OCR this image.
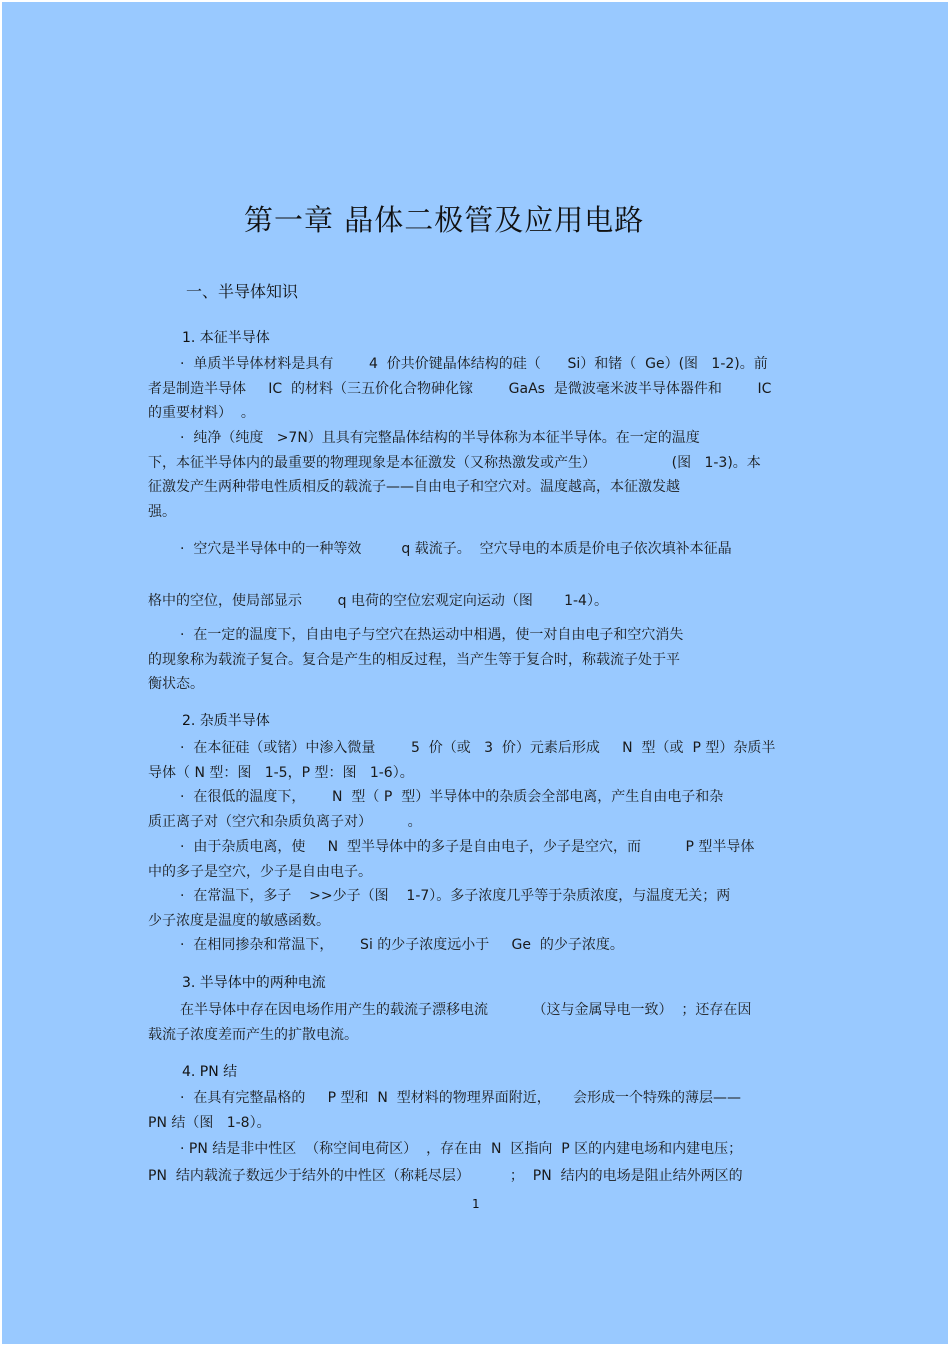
第一章 晶体二极管及应用电路
一、半导体知识
1. 本征半导体
·  单质半导体材料是具有        4  价共价键晶体结构的硅（      Si）和锗（  Ge）(图   1-2)。前
者是制造半导体     IC  的材料（三五价化合物砷化镓        GaAs  是微波毫米波半导体器件和        IC
的重要材料）  。
·  纯净（纯度   >7N）且具有完整晶体结构的半导体称为本征半导体。在一定的温度
下，本征半导体内的最重要的物理现象是本征激发（又称热激发或产生）                 (图   1-3)。本
征激发产生两种带电性质相反的载流子——自由电子和空穴对。温度越高，本征激发越
强。
·  空穴是半导体中的一种等效         q 载流子。  空穴导电的本质是价电子依次填补本征晶
格中的空位，使局部显示        q 电荷的空位宏观定向运动（图       1-4）。
·  在一定的温度下，自由电子与空穴在热运动中相遇，使一对自由电子和空穴消失
的现象称为载流子复合。复合是产生的相反过程，当产生等于复合时，称载流子处于平
衡状态。
2. 杂质半导体
·  在本征硅（或锗）中渗入微量        5  价（或   3  价）元素后形成     N  型（或  P 型）杂质半
导体（ N 型：图   1-5，P 型：图   1-6）。
·  在很低的温度下，      N  型（ P  型）半导体中的杂质会全部电离，产生自由电子和杂
质正离子对（空穴和杂质负离子对）        。
·  由于杂质电离，使     N  型半导体中的多子是自由电子，少子是空穴，而          P 型半导体
中的多子是空穴，少子是自由电子。
·  在常温下，多子    >>少子（图    1-7）。多子浓度几乎等于杂质浓度，与温度无关；两
少子浓度是温度的敏感函数。
·  在相同掺杂和常温下，      Si 的少子浓度远小于     Ge  的少子浓度。
3. 半导体中的两种电流
在半导体中存在因电场作用产生的载流子漂移电流          （这与金属导电一致）  ；还存在因
载流子浓度差而产生的扩散电流。
4. PN 结
·  在具有完整晶格的     P 型和  N  型材料的物理界面附近，     会形成一个特殊的薄层——
PN 结（图   1-8）。
· PN 结是非中性区  （称空间电荷区）  ，存在由  N  区指向  P 区的内建电场和内建电压；
PN  结内载流子数远少于结外的中性区（称耗尽层）         ；  PN  结内的电场是阻止结外两区的
1
